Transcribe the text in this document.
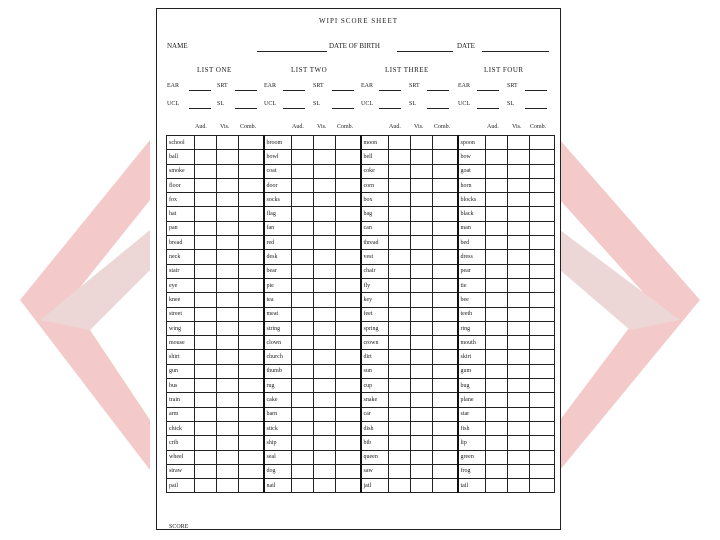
WIPI SCORE SHEET
NAME	DATE OF BIRTH	DATE
LIST ONE	LIST TWO	LIST THREE	LIST FOUR
EAR	SRT	EAR	SRT	EAR	SRT	EAR	SRT
UCL	SL	UCL	SL	UCL	SL	UCL	SL
Aud. Vis. Comb.	Aud. Vis. Comb.	Aud. Vis. Comb.	Aud. Vis. Comb.
school				broom				moon				spoon			
ball				bowl				bell				bow			
smoke				coat				coke				goat			
floor				door				corn				horn			
fox				socks				box				blocks			
hat				flag				bag				black			
pan				fan				can				man			
bread				red				thread				bed			
neck				desk				vest				dress			
stair				bear				chair				pear			
eye				pie				fly				tie			
knee				tea				key				bee			
street				meat				feet				teeth			
wing				string				spring				ring			
mouse				clown				crown				mouth			
shirt				church				dirt				skirt			
gun				thumb				sun				gum			
bus				rug				cup				bug			
train				cake				snake				plane			
arm				barn				car				star			
chick				stick				dish				fish			
crib				ship				bib				lip			
wheel				seal				queen				green			
straw				dog				saw				frog			
pail				nail				jail				tail			
SCORE
